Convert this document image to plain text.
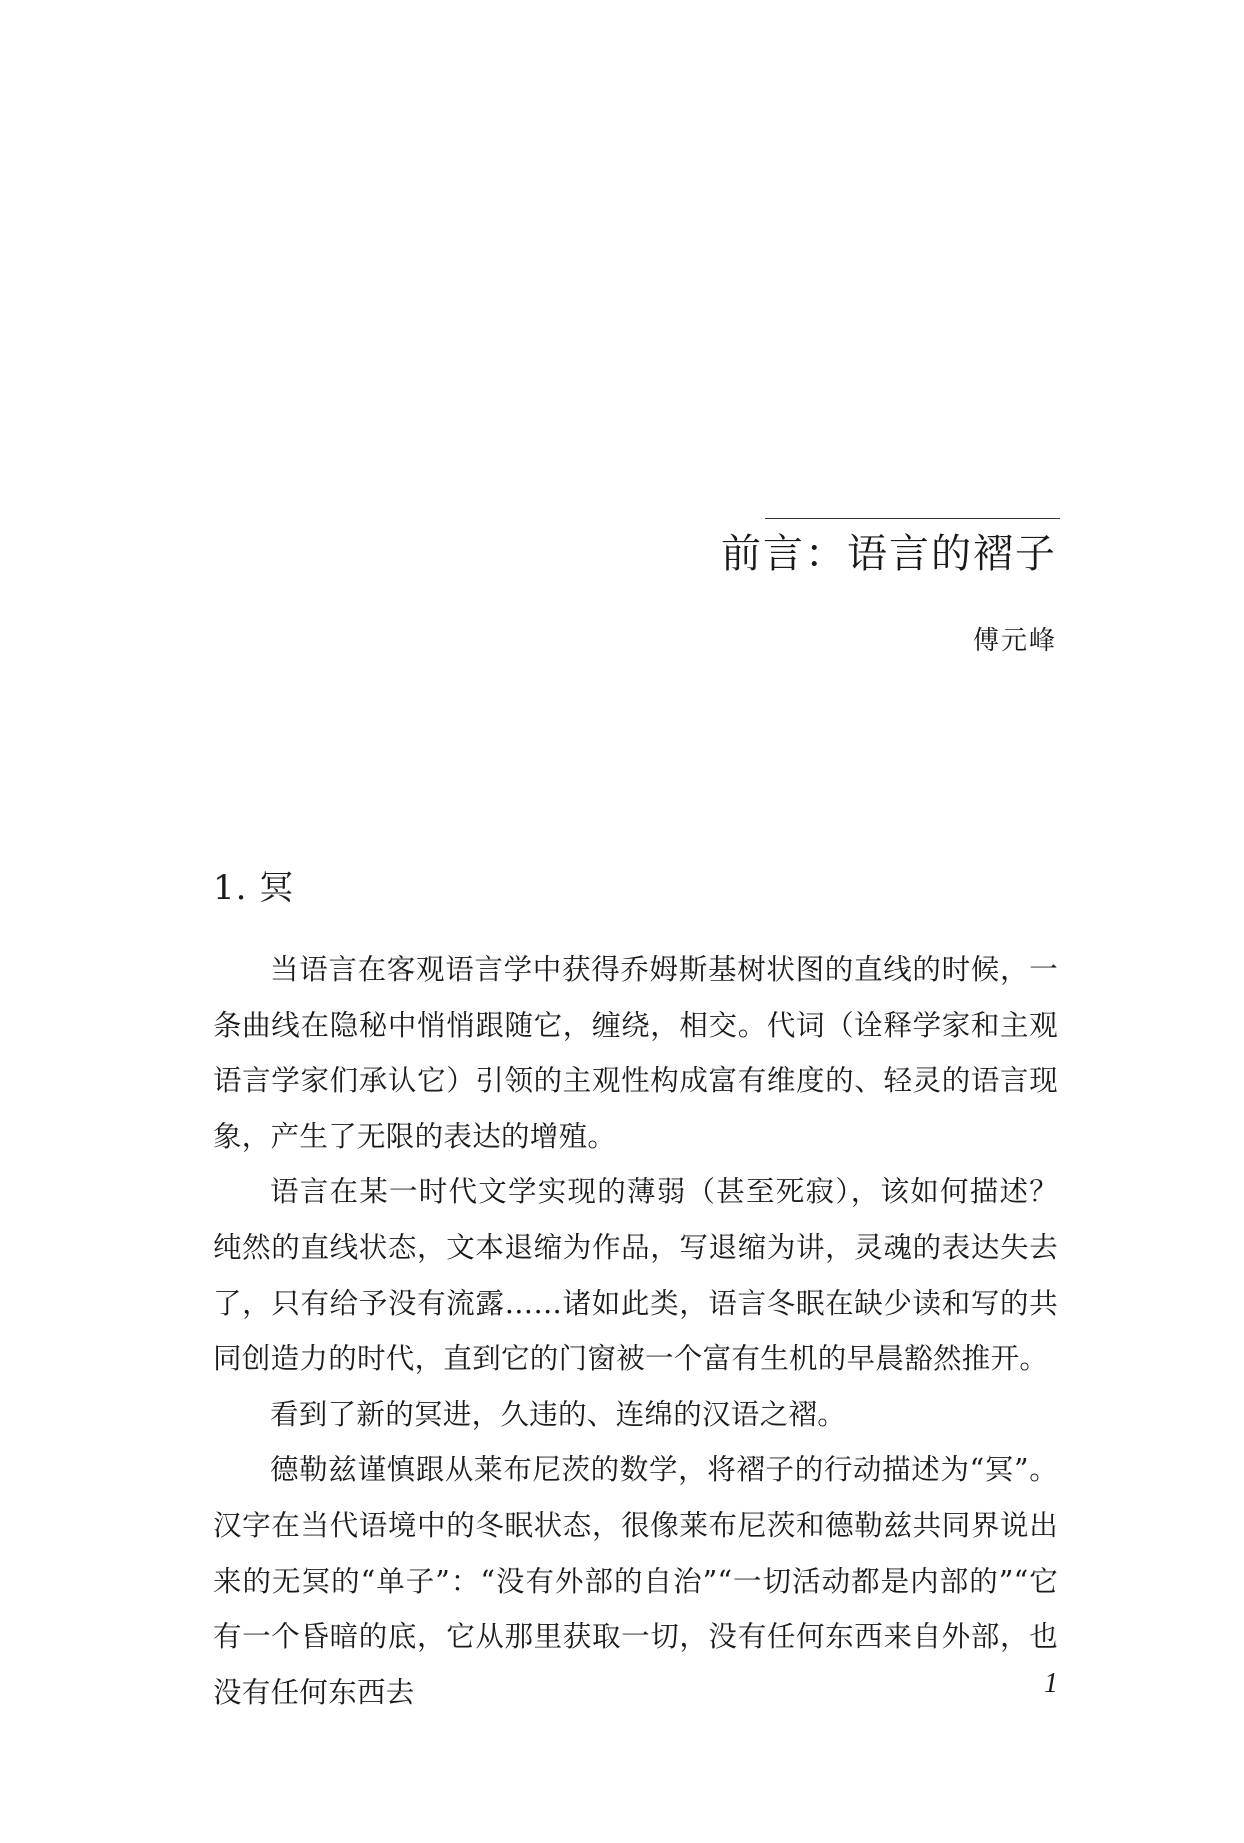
前言：语言的褶子
傅元峰
1. 冥

当语言在客观语言学中获得乔姆斯基树状图的直线的时候，一条曲线在隐秘中悄悄跟随它，缠绕，相交。代词（诠释学家和主观语言学家们承认它）引领的主观性构成富有维度的、轻灵的语言现象，产生了无限的表达的增殖。

语言在某一时代文学实现的薄弱（甚至死寂），该如何描述？纯然的直线状态，文本退缩为作品，写退缩为讲，灵魂的表达失去了，只有给予没有流露……诸如此类，语言冬眠在缺少读和写的共同创造力的时代，直到它的门窗被一个富有生机的早晨豁然推开。

看到了新的冥进，久违的、连绵的汉语之褶。

德勒兹谨慎跟从莱布尼茨的数学，将褶子的行动描述为“冥”。汉字在当代语境中的冬眠状态，很像莱布尼茨和德勒兹共同界说出来的无冥的“单子”：“没有外部的自治”“一切活动都是内部的”“它有一个昏暗的底，它从那里获取一切，没有任何东西来自外部，也没有任何东西去	1
